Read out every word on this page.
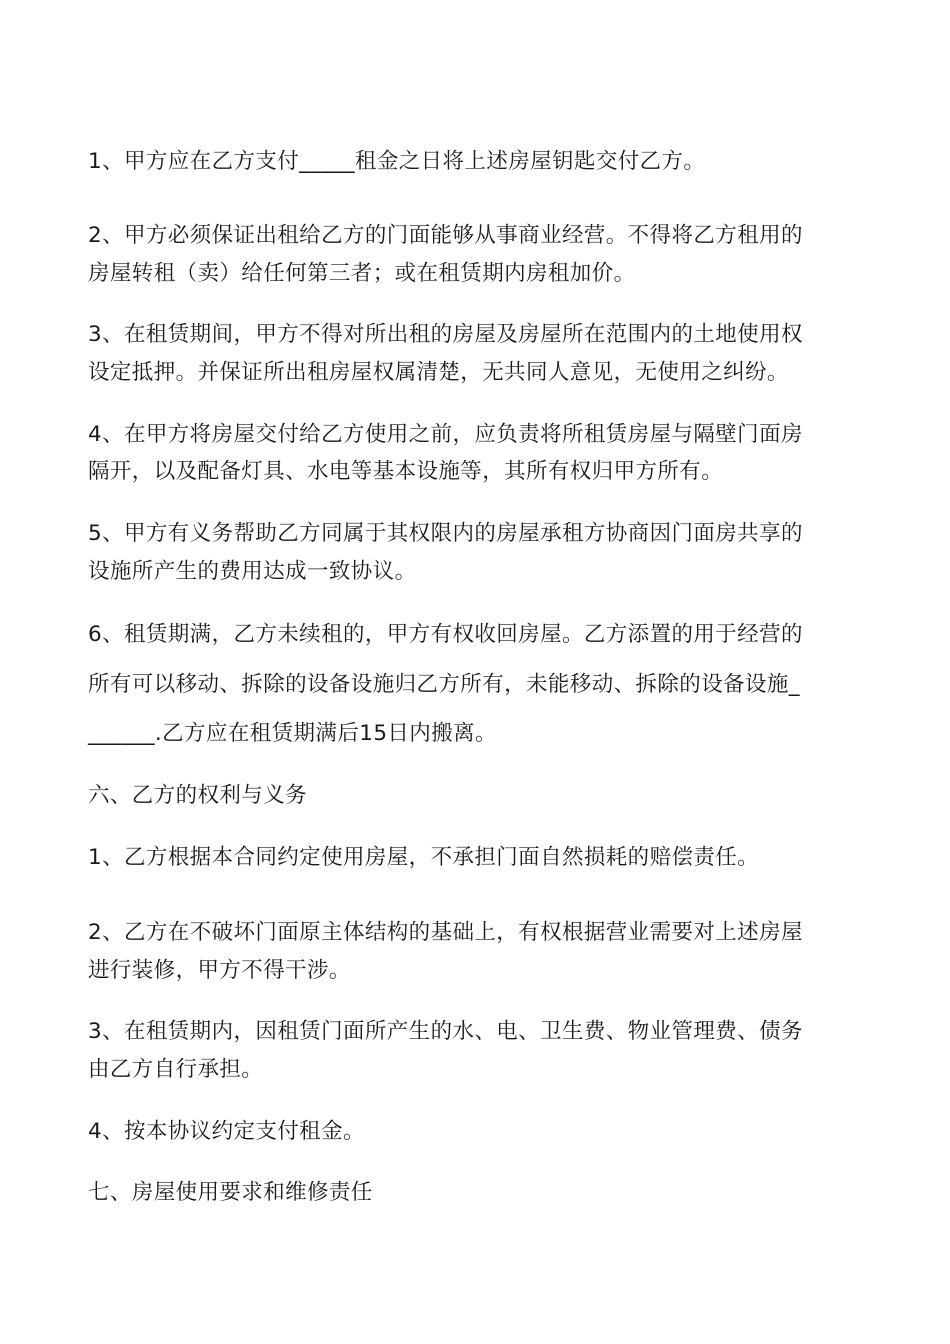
1、甲方应在乙方支付_____租金之日将上述房屋钥匙交付乙方。
2、甲方必须保证出租给乙方的门面能够从事商业经营。不得将乙方租用的
房屋转租（卖）给任何第三者；或在租赁期内房租加价。
3、在租赁期间，甲方不得对所出租的房屋及房屋所在范围内的土地使用权
设定抵押。并保证所出租房屋权属清楚，无共同人意见，无使用之纠纷。
4、在甲方将房屋交付给乙方使用之前，应负责将所租赁房屋与隔壁门面房
隔开，以及配备灯具、水电等基本设施等，其所有权归甲方所有。
5、甲方有义务帮助乙方同属于其权限内的房屋承租方协商因门面房共享的
设施所产生的费用达成一致协议。
6、租赁期满，乙方未续租的，甲方有权收回房屋。乙方添置的用于经营的
所有可以移动、拆除的设备设施归乙方所有，未能移动、拆除的设备设施_
______.乙方应在租赁期满后15日内搬离。
六、乙方的权利与义务
1、乙方根据本合同约定使用房屋，不承担门面自然损耗的赔偿责任。
2、乙方在不破坏门面原主体结构的基础上，有权根据营业需要对上述房屋
进行装修，甲方不得干涉。
3、在租赁期内，因租赁门面所产生的水、电、卫生费、物业管理费、债务
由乙方自行承担。
4、按本协议约定支付租金。
七、房屋使用要求和维修责任
